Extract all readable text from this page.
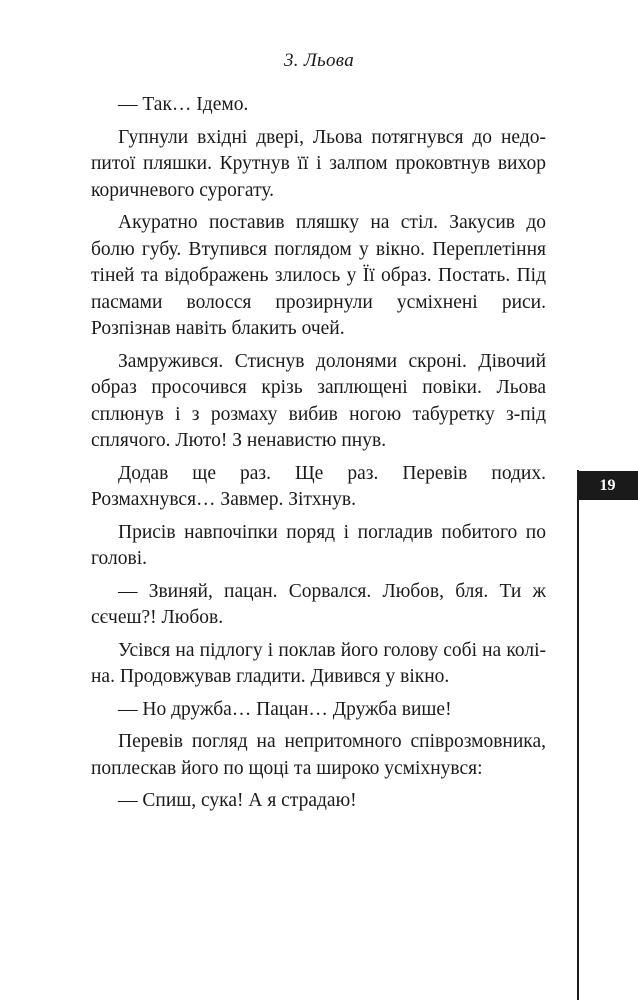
3. Льова

— Так… Ідемо.

Гупнули вхідні двері, Льова потягнувся до недопитої пляшки. Крутнув її і залпом проковтнув вихор коричневого сурогату.

Акуратно поставив пляшку на стіл. Закусив до болю губу. Втупився поглядом у вікно. Переплетіння тіней та відображень злилось у Її образ. Постать. Під пасмами волосся прозирнули усміхнені риси. Розпізнав навіть блакить очей.

Замружився. Стиснув долонями скроні. Дівочий образ просочився крізь заплющені повіки. Льова сплюнув і з розмаху вибив ногою табуретку з-під сплячого. Люто! З ненавистю пнув.

Додав ще раз. Ще раз. Перевів подих. Розмахнувся… Завмер. Зітхнув.

Присів навпочіпки поряд і погладив побитого по голові.

— Звиняй, пацан. Сорвался. Любов, бля. Ти ж сєчеш?! Любов.

Усівся на підлогу і поклав його голову собі на коліна. Продовжував гладити. Дивився у вікно.

— Но дружба… Пацан… Дружба више!

Перевів погляд на непритомного співрозмовника, поплескав його по щоці та широко усміхнувся:

— Спиш, сука! А я страдаю!

19
